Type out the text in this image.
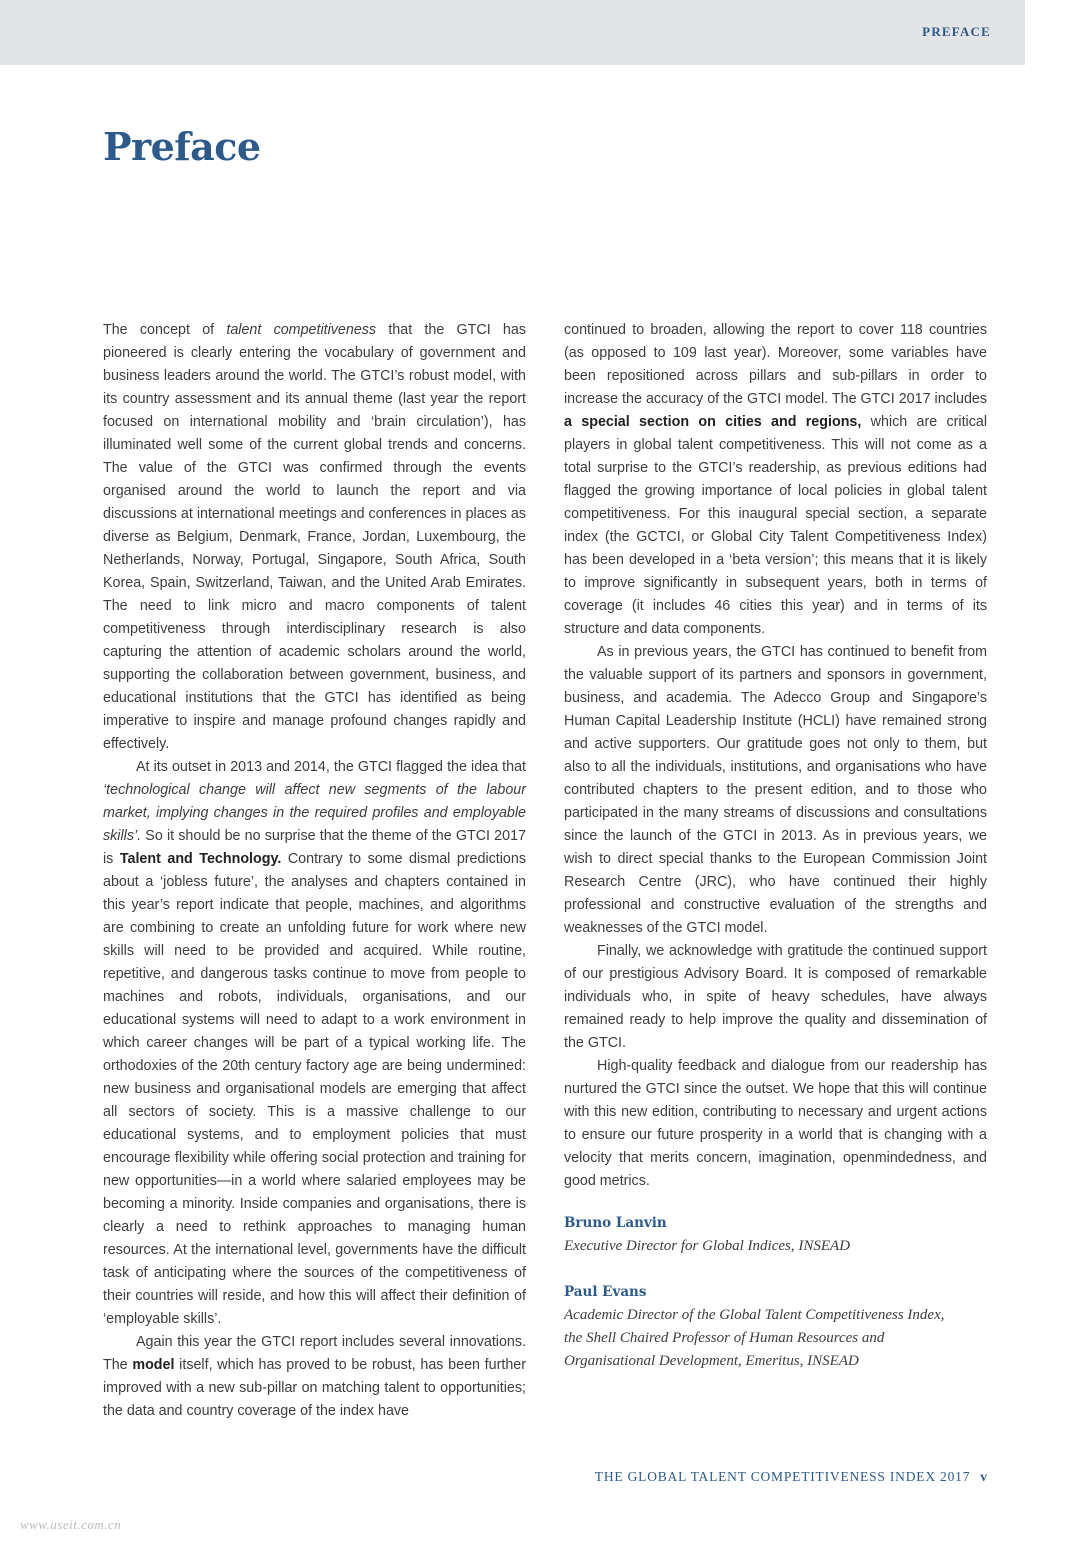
PREFACE
Preface

The concept of talent competitiveness that the GTCI has pioneered is clearly entering the vocabulary of government and business leaders around the world. The GTCI’s robust model, with its country assessment and its annual theme (last year the report focused on international mobility and ‘brain circulation’), has illuminated well some of the current global trends and concerns. The value of the GTCI was confirmed through the events organised around the world to launch the report and via discussions at international meetings and conferences in places as diverse as Belgium, Denmark, France, Jordan, Luxembourg, the Netherlands, Norway, Portugal, Singapore, South Africa, South Korea, Spain, Switzerland, Taiwan, and the United Arab Emirates. The need to link micro and macro components of talent competitiveness through interdisciplinary research is also capturing the attention of academic scholars around the world, supporting the collaboration between government, business, and educational institutions that the GTCI has identified as being imperative to inspire and manage profound changes rapidly and effectively.

At its outset in 2013 and 2014, the GTCI flagged the idea that ‘technological change will affect new segments of the labour market, implying changes in the required profiles and employable skills’. So it should be no surprise that the theme of the GTCI 2017 is Talent and Technology. Contrary to some dismal predictions about a ‘jobless future’, the analyses and chapters contained in this year’s report indicate that people, machines, and algorithms are combining to create an unfolding future for work where new skills will need to be provided and acquired. While routine, repetitive, and dangerous tasks continue to move from people to machines and robots, individuals, organisations, and our educational systems will need to adapt to a work environment in which career changes will be part of a typical working life. The orthodoxies of the 20th century factory age are being undermined: new business and organisational models are emerging that affect all sectors of society. This is a massive challenge to our educational systems, and to employment policies that must encourage flexibility while offering social protection and training for new opportunities—in a world where salaried employees may be becoming a minority. Inside companies and organisations, there is clearly a need to rethink approaches to managing human resources. At the international level, governments have the difficult task of anticipating where the sources of the competitiveness of their countries will reside, and how this will affect their definition of ‘employable skills’.

Again this year the GTCI report includes several innovations. The model itself, which has proved to be robust, has been further improved with a new sub-pillar on matching talent to opportunities; the data and country coverage of the index have

continued to broaden, allowing the report to cover 118 countries (as opposed to 109 last year). Moreover, some variables have been repositioned across pillars and sub-pillars in order to increase the accuracy of the GTCI model. The GTCI 2017 includes a special section on cities and regions, which are critical players in global talent competitiveness. This will not come as a total surprise to the GTCI’s readership, as previous editions had flagged the growing importance of local policies in global talent competitiveness. For this inaugural special section, a separate index (the GCTCI, or Global City Talent Competitiveness Index) has been developed in a ‘beta version’; this means that it is likely to improve significantly in subsequent years, both in terms of coverage (it includes 46 cities this year) and in terms of its structure and data components.

As in previous years, the GTCI has continued to benefit from the valuable support of its partners and sponsors in government, business, and academia. The Adecco Group and Singapore’s Human Capital Leadership Institute (HCLI) have remained strong and active supporters. Our gratitude goes not only to them, but also to all the individuals, institutions, and organisations who have contributed chapters to the present edition, and to those who participated in the many streams of discussions and consultations since the launch of the GTCI in 2013. As in previous years, we wish to direct special thanks to the European Commission Joint Research Centre (JRC), who have continued their highly professional and constructive evaluation of the strengths and weaknesses of the GTCI model.

Finally, we acknowledge with gratitude the continued support of our prestigious Advisory Board. It is composed of remarkable individuals who, in spite of heavy schedules, have always remained ready to help improve the quality and dissemination of the GTCI.

High-quality feedback and dialogue from our readership has nurtured the GTCI since the outset. We hope that this will continue with this new edition, contributing to necessary and urgent actions to ensure our future prosperity in a world that is changing with a velocity that merits concern, imagination, openmindedness, and good metrics.

Bruno Lanvin
Executive Director for Global Indices, INSEAD
Paul Evans
Academic Director of the Global Talent Competitiveness Index,
the Shell Chaired Professor of Human Resources and
Organisational Development, Emeritus, INSEAD
THE GLOBAL TALENT COMPETITIVENESS INDEX 2017 v
www.useit.com.cn
